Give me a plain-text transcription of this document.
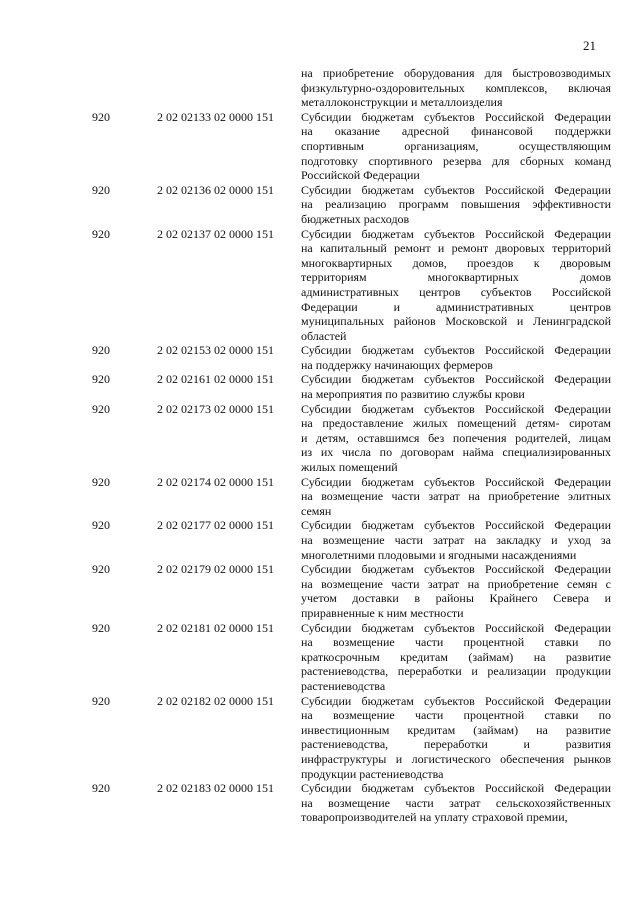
21
на приобретение оборудования для быстровозводимых
физкультурно-оздоровительных комплексов, включая
металлоконструкции и металлоизделия
920	2 02 02133 02 0000 151 Субсидии бюджетам субъектов Российской Федерации
на оказание адресной финансовой поддержки
спортивным организациям, осуществляющим
подготовку спортивного резерва для сборных команд
Российской Федерации
920	2 02 02136 02 0000 151 Субсидии бюджетам субъектов Российской Федерации
на реализацию программ повышения эффективности
бюджетных расходов
920	2 02 02137 02 0000 151 Субсидии бюджетам субъектов Российской Федерации
на капитальный ремонт и ремонт дворовых территорий
многоквартирных домов, проездов к дворовым
территориям многоквартирных домов
административных центров субъектов Российской
Федерации и административных центров
муниципальных районов Московской и Ленинградской
областей
920	2 02 02153 02 0000 151 Субсидии бюджетам субъектов Российской Федерации
на поддержку начинающих фермеров
920	2 02 02161 02 0000 151 Субсидии бюджетам субъектов Российской Федерации
на мероприятия по развитию службы крови
920	2 02 02173 02 0000 151 Субсидии бюджетам субъектов Российской Федерации
на предоставление жилых помещений детям- сиротам
и детям, оставшимся без попечения родителей, лицам
из их числа по договорам найма специализированных
жилых помещений
920	2 02 02174 02 0000 151 Субсидии бюджетам субъектов Российской Федерации
на возмещение части затрат на приобретение элитных
семян
920	2 02 02177 02 0000 151 Субсидии бюджетам субъектов Российской Федерации
на возмещение части затрат на закладку и уход за
многолетними плодовыми и ягодными насаждениями
920	2 02 02179 02 0000 151 Субсидии бюджетам субъектов Российской Федерации
на возмещение части затрат на приобретение семян с
учетом доставки в районы Крайнего Севера и
приравненные к ним местности
920	2 02 02181 02 0000 151 Субсидии бюджетам субъектов Российской Федерации
на возмещение части процентной ставки по
краткосрочным кредитам (займам) на развитие
растениеводства, переработки и реализации продукции
растениеводства
920	2 02 02182 02 0000 151 Субсидии бюджетам субъектов Российской Федерации
на возмещение части процентной ставки по
инвестиционным кредитам (займам) на развитие
растениеводства, переработки и развития
инфраструктуры и логистического обеспечения рынков
продукции растениеводства
920	2 02 02183 02 0000 151 Субсидии бюджетам субъектов Российской Федерации
на возмещение части затрат сельскохозяйственных
товаропроизводителей на уплату страховой премии,
